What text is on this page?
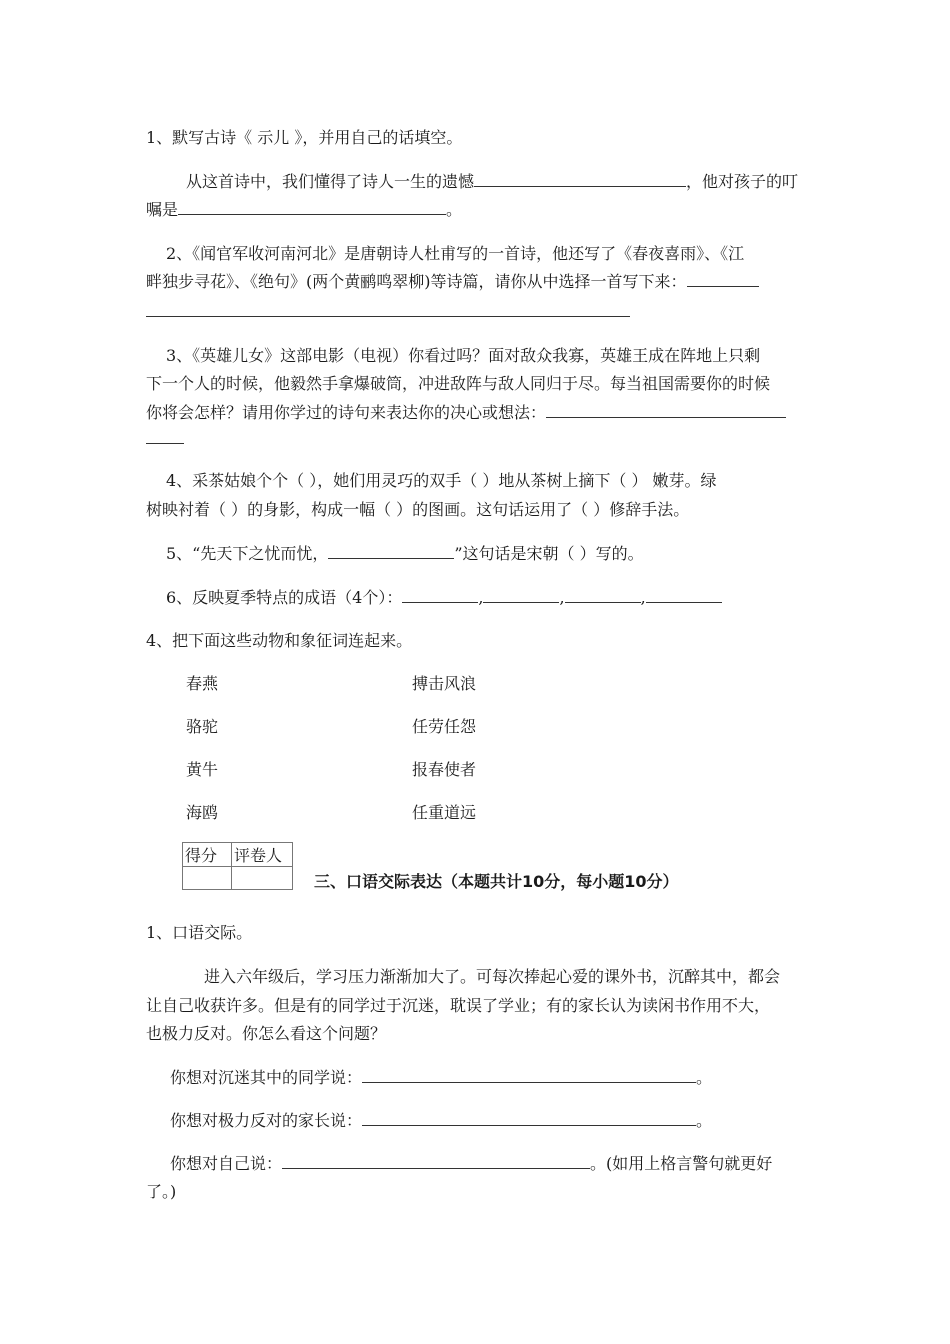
1、默写古诗《 示儿 》，并用自己的话填空。
从这首诗中，我们懂得了诗人一生的遗憾	，他对孩子的叮
嘱是	。
2、《闻官军收河南河北》是唐朝诗人杜甫写的一首诗，他还写了《春夜喜雨》、《江
畔独步寻花》、《绝句》(两个黄鹂鸣翠柳)等诗篇，请你从中选择一首写下来：
3、《英雄儿女》这部电影（电视）你看过吗？面对敌众我寡，英雄王成在阵地上只剩
下一个人的时候，他毅然手拿爆破筒，冲进敌阵与敌人同归于尽。每当祖国需要你的时候
你将会怎样？请用你学过的诗句来表达你的决心或想法：
4、采茶姑娘个个（ ），她们用灵巧的双手（ ）地从茶树上摘下（ ） 嫩芽。绿
树映衬着（ ）的身影，构成一幅（ ）的图画。这句话运用了（ ）修辞手法。
5、“先天下之忧而忧，	”这句话是宋朝（ ）写的。
6、反映夏季特点的成语（4个）：	,	,	,
4、把下面这些动物和象征词连起来。
春燕	搏击风浪
骆驼	任劳任怨
黄牛	报春使者
海鸥	任重道远
得分	评卷人

三、口语交际表达（本题共计10分，每小题10分）
1、口语交际。
进入六年级后，学习压力渐渐加大了。可每次捧起心爱的课外书，沉醉其中，都会
让自己收获许多。但是有的同学过于沉迷，耽误了学业；有的家长认为读闲书作用不大，
也极力反对。你怎么看这个问题？
你想对沉迷其中的同学说：	。
你想对极力反对的家长说：	。
你想对自己说：	。(如用上格言警句就更好
了。)
